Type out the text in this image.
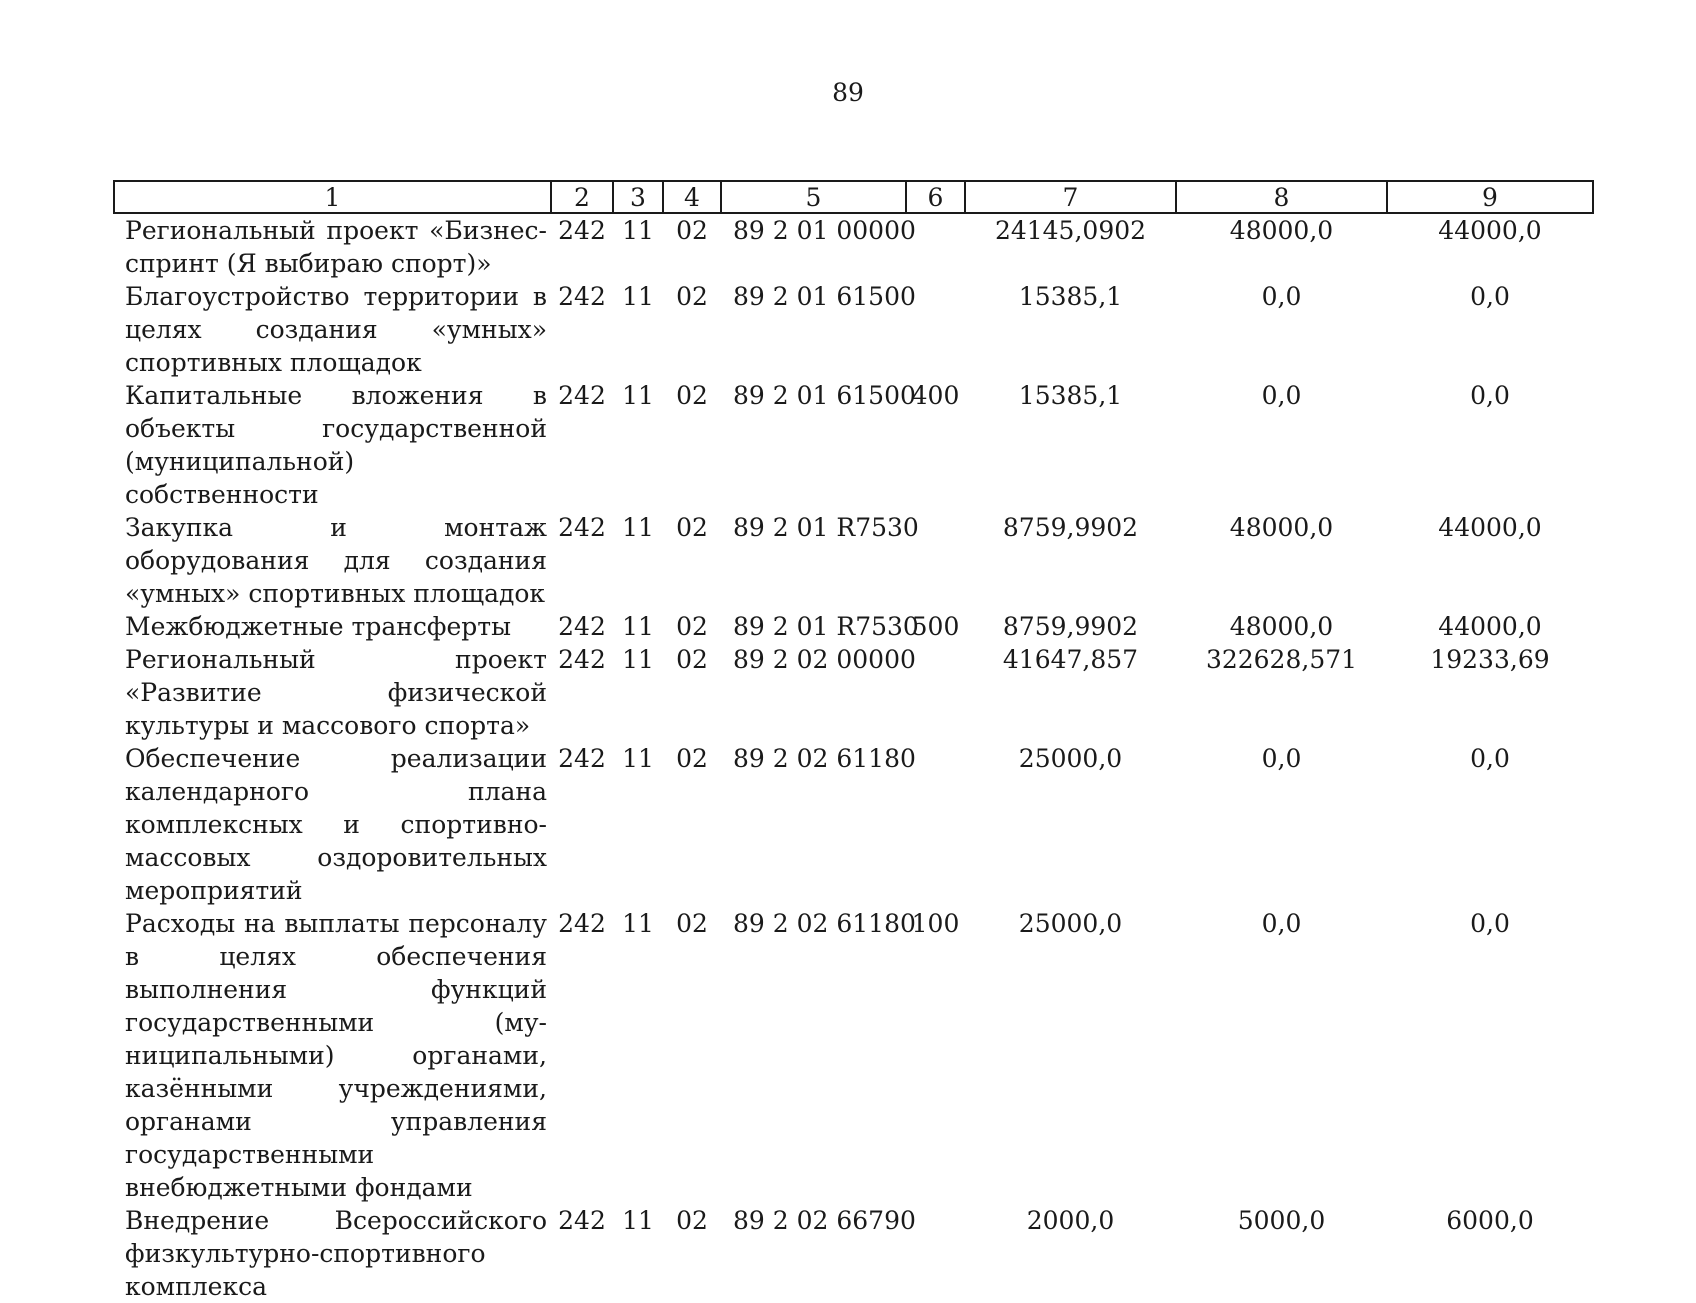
89
1	2	3	4	5	6	7	8	9
Региональный проект «Бизнес-спринт (Я выбираю спорт)»	242	11	02	89 2 01 00000		24145,0902	48000,0	44000,0
Благоустройство территории в целях создания «умных» спортивных площадок	242	11	02	89 2 01 61500		15385,1	0,0	0,0
Капитальные вложения в объекты государственной (муниципальной) собственности	242	11	02	89 2 01 61500	400	15385,1	0,0	0,0
Закупка и монтаж оборудования для создания «умных» спортивных площадок	242	11	02	89 2 01 R7530		8759,9902	48000,0	44000,0
Межбюджетные трансферты	242	11	02	89 2 01 R7530	500	8759,9902	48000,0	44000,0
Региональный проект «Развитие физической культуры и массового спорта»	242	11	02	89 2 02 00000		41647,857	322628,571	19233,69
Обеспечение реализации календарного плана комплексных и спортивно-массовых оздоровительных мероприятий	242	11	02	89 2 02 61180		25000,0	0,0	0,0
Расходы на выплаты персоналу в целях обеспечения выполнения функций государственными (муниципальными) органами, казёнными учреждениями, органами управления государственными внебюджетными фондами	242	11	02	89 2 02 61180	100	25000,0	0,0	0,0
Внедрение Всероссийского физкультурно-спортивного комплекса	242	11	02	89 2 02 66790		2000,0	5000,0	6000,0
